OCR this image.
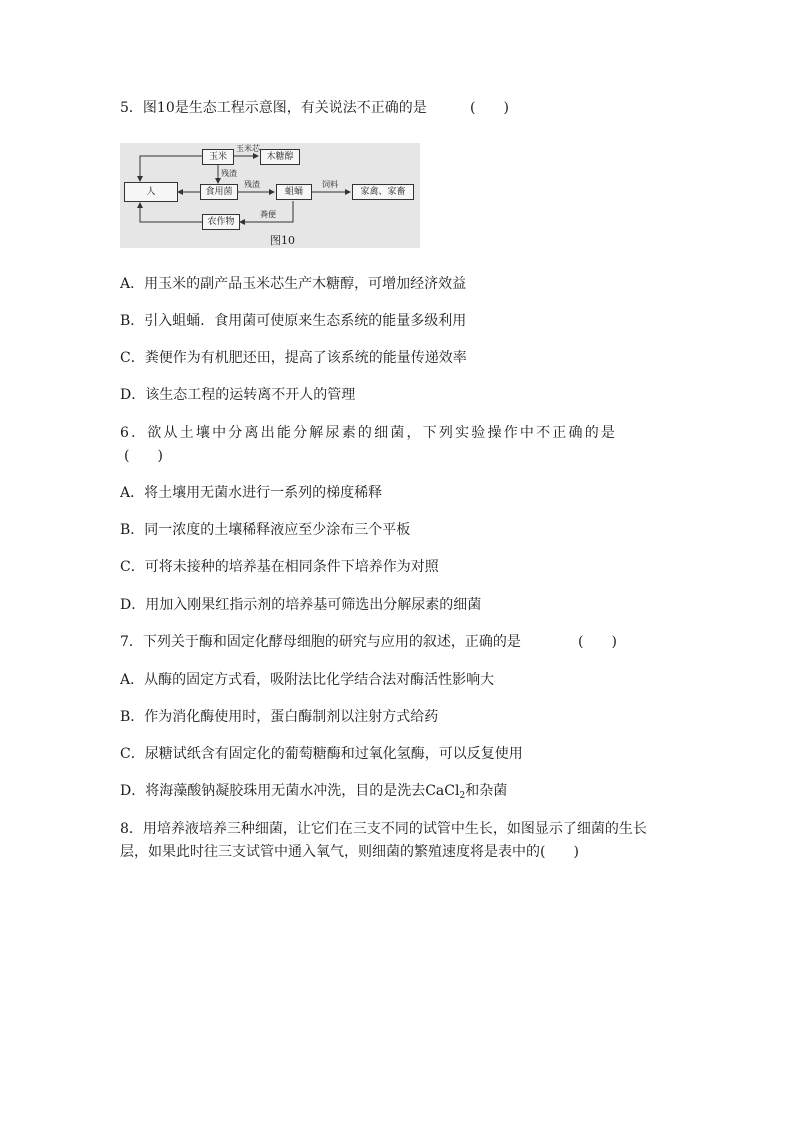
5．图10是生态工程示意图，有关说法不正确的是	(　　)
玉米	木糖醇
人	食用菌	蛆蛹	家禽、家畜
农作物
玉米芯
残渣
残渣	饲料
粪便
图10
A．用玉米的副产品玉米芯生产木糖醇，可增加经济效益
B．引入蛆蛹．食用菌可使原来生态系统的能量多级利用
C．粪便作为有机肥还田，提高了该系统的能量传递效率
D．该生态工程的运转离不开人的管理
6．欲从土壤中分离出能分解尿素的细菌，下列实验操作中不正确的是
(　　)
A．将土壤用无菌水进行一系列的梯度稀释
B．同一浓度的土壤稀释液应至少涂布三个平板
C．可将未接种的培养基在相同条件下培养作为对照
D．用加入刚果红指示剂的培养基可筛选出分解尿素的细菌
7．下列关于酶和固定化酵母细胞的研究与应用的叙述，正确的是	(　　)
A．从酶的固定方式看，吸附法比化学结合法对酶活性影响大
B．作为消化酶使用时，蛋白酶制剂以注射方式给药
C．尿糖试纸含有固定化的葡萄糖酶和过氧化氢酶，可以反复使用
D．将海藻酸钠凝胶珠用无菌水冲洗，目的是洗去CaCl$_2$和杂菌
8．用培养液培养三种细菌，让它们在三支不同的试管中生长，如图显示了细菌的生长
层，如果此时往三支试管中通入氧气，则细菌的繁殖速度将是表中的(　　)
